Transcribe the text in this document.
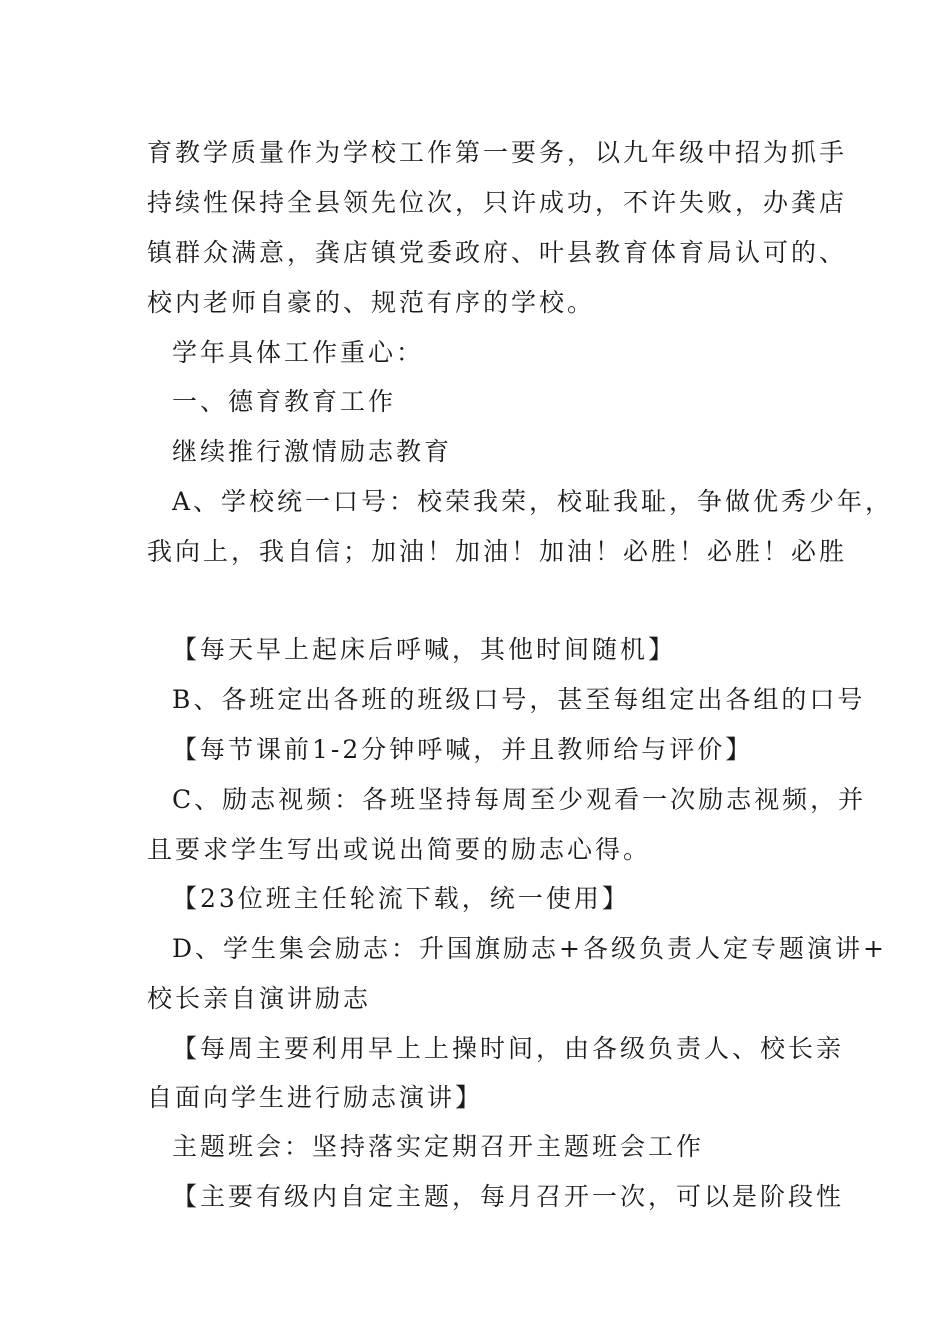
育教学质量作为学校工作第一要务，以九年级中招为抓手
持续性保持全县领先位次，只许成功，不许失败，办龚店
镇群众满意，龚店镇党委政府、叶县教育体育局认可的、
校内老师自豪的、规范有序的学校。
学年具体工作重心：
一、德育教育工作
继续推行激情励志教育
A、学校统一口号：校荣我荣，校耻我耻，争做优秀少年，
我向上，我自信；加油！加油！加油！必胜！必胜！必胜
【每天早上起床后呼喊，其他时间随机】
B、各班定出各班的班级口号，甚至每组定出各组的口号
【每节课前1-2分钟呼喊，并且教师给与评价】
C、励志视频：各班坚持每周至少观看一次励志视频，并
且要求学生写出或说出简要的励志心得。
【23位班主任轮流下载，统一使用】
D、学生集会励志：升国旗励志+各级负责人定专题演讲+
校长亲自演讲励志
【每周主要利用早上上操时间，由各级负责人、校长亲
自面向学生进行励志演讲】
主题班会：坚持落实定期召开主题班会工作
【主要有级内自定主题，每月召开一次，可以是阶段性
